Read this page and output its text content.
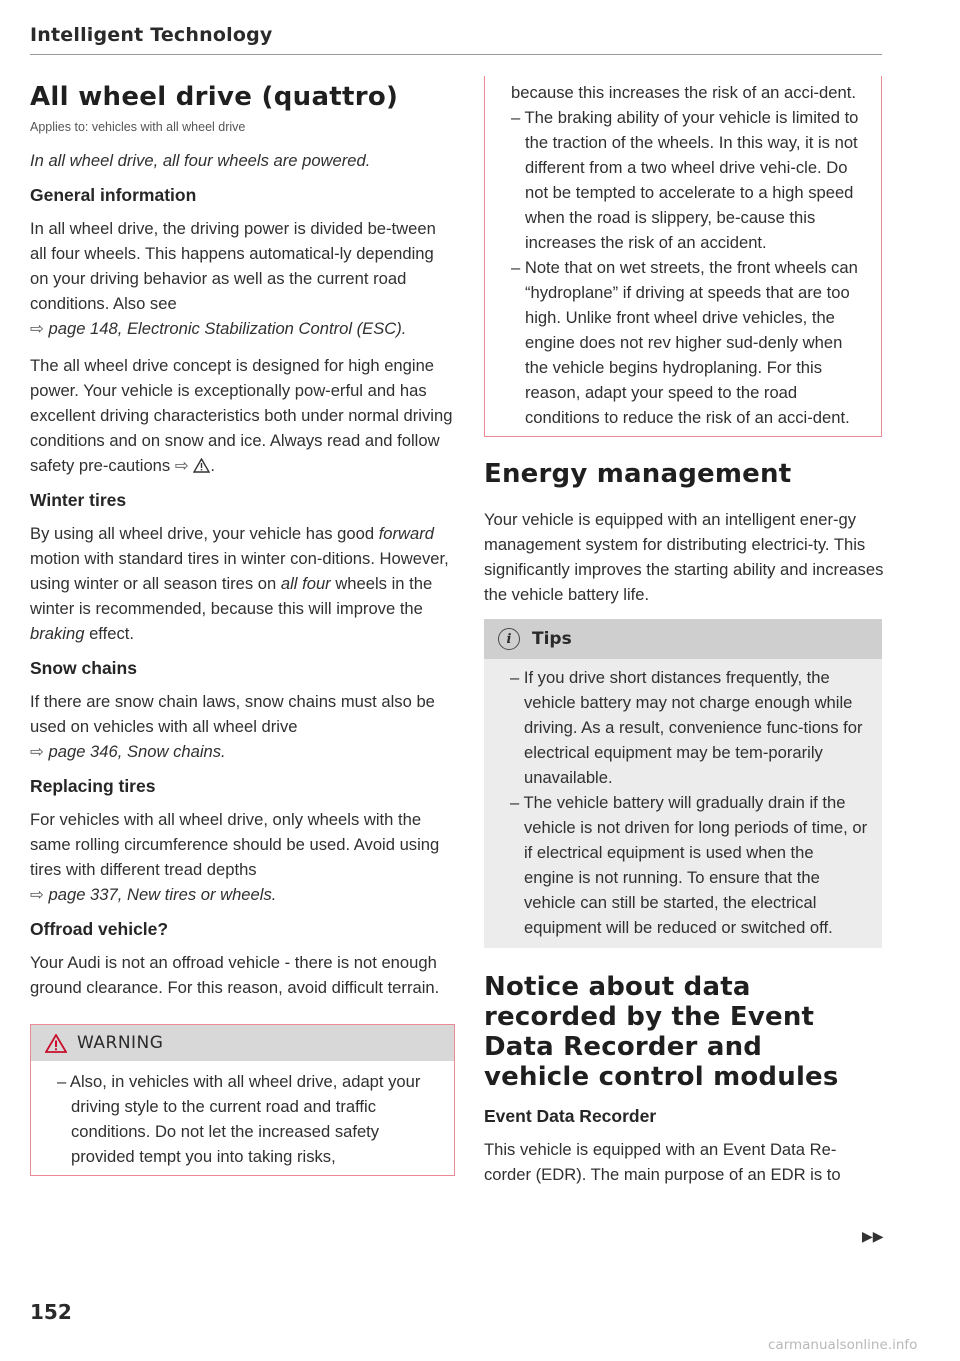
Intelligent Technology
All wheel drive (quattro)
Applies to: vehicles with all wheel drive

In all wheel drive, all four wheels are powered.

General information

In all wheel drive, the driving power is divided be-tween all four wheels. This happens automatical-ly depending on your driving behavior as well as the current road conditions. Also see
⇨ page 148, Electronic Stabilization Control (ESC).

The all wheel drive concept is designed for high engine power. Your vehicle is exceptionally pow-erful and has excellent driving characteristics both under normal driving conditions and on snow and ice. Always read and follow safety pre-cautions ⇨ .

Winter tires

By using all wheel drive, your vehicle has good forward motion with standard tires in winter con-ditions. However, using winter or all season tires on all four wheels in the winter is recommended, because this will improve the braking effect.

Snow chains

If there are snow chain laws, snow chains must also be used on vehicles with all wheel drive
⇨ page 346, Snow chains.

Replacing tires

For vehicles with all wheel drive, only wheels with the same rolling circumference should be used. Avoid using tires with different tread depths
⇨ page 337, New tires or wheels.

Offroad vehicle?

Your Audi is not an offroad vehicle - there is not enough ground clearance. For this reason, avoid difficult terrain.

WARNING

– Also, in vehicles with all wheel drive, adapt your driving style to the current road and traffic conditions. Do not let the increased safety provided tempt you into taking risks,

152

because this increases the risk of an acci-dent.

– The braking ability of your vehicle is limited to the traction of the wheels. In this way, it is not different from a two wheel drive vehi-cle. Do not be tempted to accelerate to a high speed when the road is slippery, be-cause this increases the risk of an accident.

– Note that on wet streets, the front wheels can “hydroplane” if driving at speeds that are too high. Unlike front wheel drive vehicles, the engine does not rev higher sud-denly when the vehicle begins hydroplaning. For this reason, adapt your speed to the road conditions to reduce the risk of an acci-dent.

Energy management

Your vehicle is equipped with an intelligent ener-gy management system for distributing electrici-ty. This significantly improves the starting ability and increases the vehicle battery life.

i	Tips

– If you drive short distances frequently, the vehicle battery may not charge enough while driving. As a result, convenience func-tions for electrical equipment may be tem-porarily unavailable.

– The vehicle battery will gradually drain if the vehicle is not driven for long periods of time, or if electrical equipment is used when the engine is not running. To ensure that the vehicle can still be started, the electrical equipment will be reduced or switched off.

Notice about data
recorded by the Event
Data Recorder and
vehicle control modules
Event Data Recorder

This vehicle is equipped with an Event Data Re-corder (EDR). The main purpose of an EDR is to

▶▶
carmanualsonline.info
